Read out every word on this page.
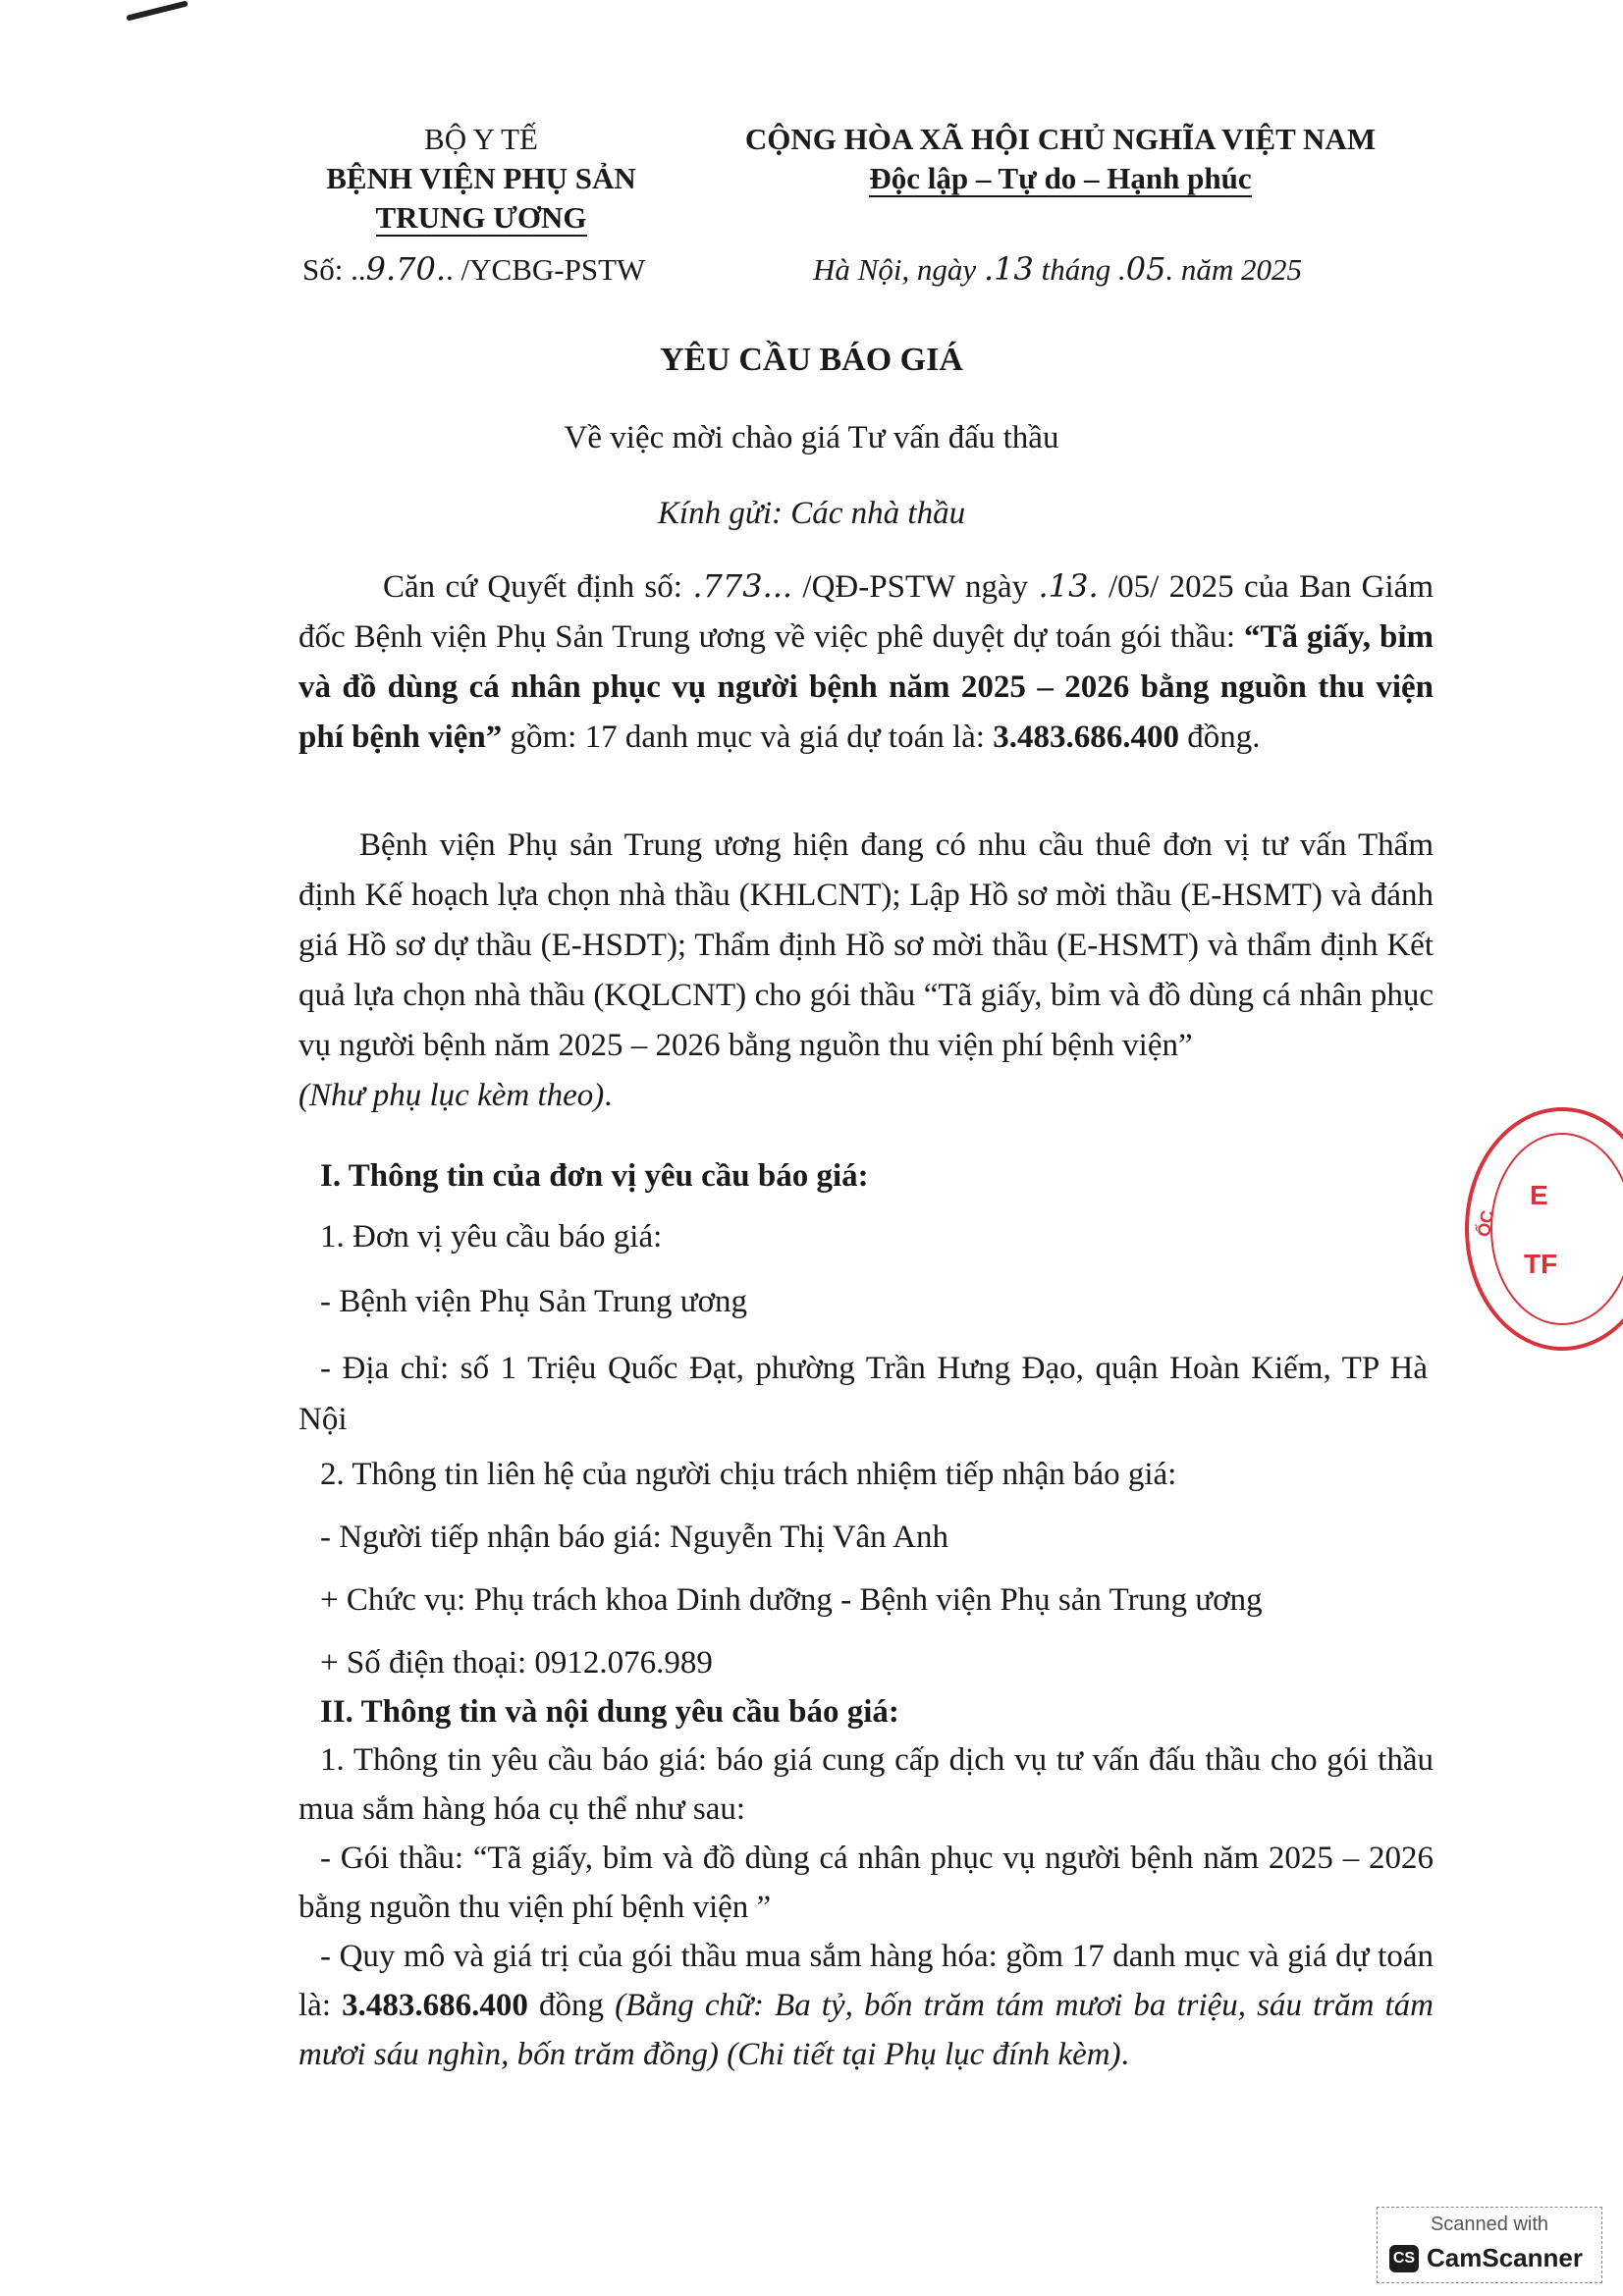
BỘ Y TẾ
BỆNH VIỆN PHỤ SẢN
TRUNG ƯƠNG
Số: ..9.70.. /YCBG-PSTW
CỘNG HÒA XÃ HỘI CHỦ NGHĨA VIỆT NAM
Độc lập – Tự do – Hạnh phúc
Hà Nội, ngày .13 tháng .05. năm 2025
YÊU CẦU BÁO GIÁ
Về việc mời chào giá Tư vấn đấu thầu
Kính gửi: Các nhà thầu
Căn cứ Quyết định số: .773... /QĐ-PSTW ngày .13. /05/ 2025 của Ban Giám đốc Bệnh viện Phụ Sản Trung ương về việc phê duyệt dự toán gói thầu: “Tã giấy, bỉm và đồ dùng cá nhân phục vụ người bệnh năm 2025 – 2026 bằng nguồn thu viện phí bệnh viện” gồm: 17 danh mục và giá dự toán là: 3.483.686.400 đồng.
Bệnh viện Phụ sản Trung ương hiện đang có nhu cầu thuê đơn vị tư vấn Thẩm định Kế hoạch lựa chọn nhà thầu (KHLCNT); Lập Hồ sơ mời thầu (E-HSMT) và đánh giá Hồ sơ dự thầu (E-HSDT); Thẩm định Hồ sơ mời thầu (E-HSMT) và thẩm định Kết quả lựa chọn nhà thầu (KQLCNT) cho gói thầu “Tã giấy, bỉm và đồ dùng cá nhân phục vụ người bệnh năm 2025 – 2026 bằng nguồn thu viện phí bệnh viện”
(Như phụ lục kèm theo).
I. Thông tin của đơn vị yêu cầu báo giá:
1. Đơn vị yêu cầu báo giá:
- Bệnh viện Phụ Sản Trung ương
- Địa chỉ: số 1 Triệu Quốc Đạt, phường Trần Hưng Đạo, quận Hoàn Kiếm, TP Hà Nội
2. Thông tin liên hệ của người chịu trách nhiệm tiếp nhận báo giá:
- Người tiếp nhận báo giá: Nguyễn Thị Vân Anh
+ Chức vụ: Phụ trách khoa Dinh dưỡng - Bệnh viện Phụ sản Trung ương
+ Số điện thoại: 0912.076.989
II. Thông tin và nội dung yêu cầu báo giá:
1. Thông tin yêu cầu báo giá: báo giá cung cấp dịch vụ tư vấn đấu thầu cho gói thầu mua sắm hàng hóa cụ thể như sau:
- Gói thầu: “Tã giấy, bỉm và đồ dùng cá nhân phục vụ người bệnh năm 2025 – 2026 bằng nguồn thu viện phí bệnh viện ”
- Quy mô và giá trị của gói thầu mua sắm hàng hóa: gồm 17 danh mục và giá dự toán là: 3.483.686.400 đồng (Bằng chữ: Ba tỷ, bốn trăm tám mươi ba triệu, sáu trăm tám mươi sáu nghìn, bốn trăm đồng) (Chi tiết tại Phụ lục đính kèm).
E
TF
ỐC
Scanned with
CS CamScanner
